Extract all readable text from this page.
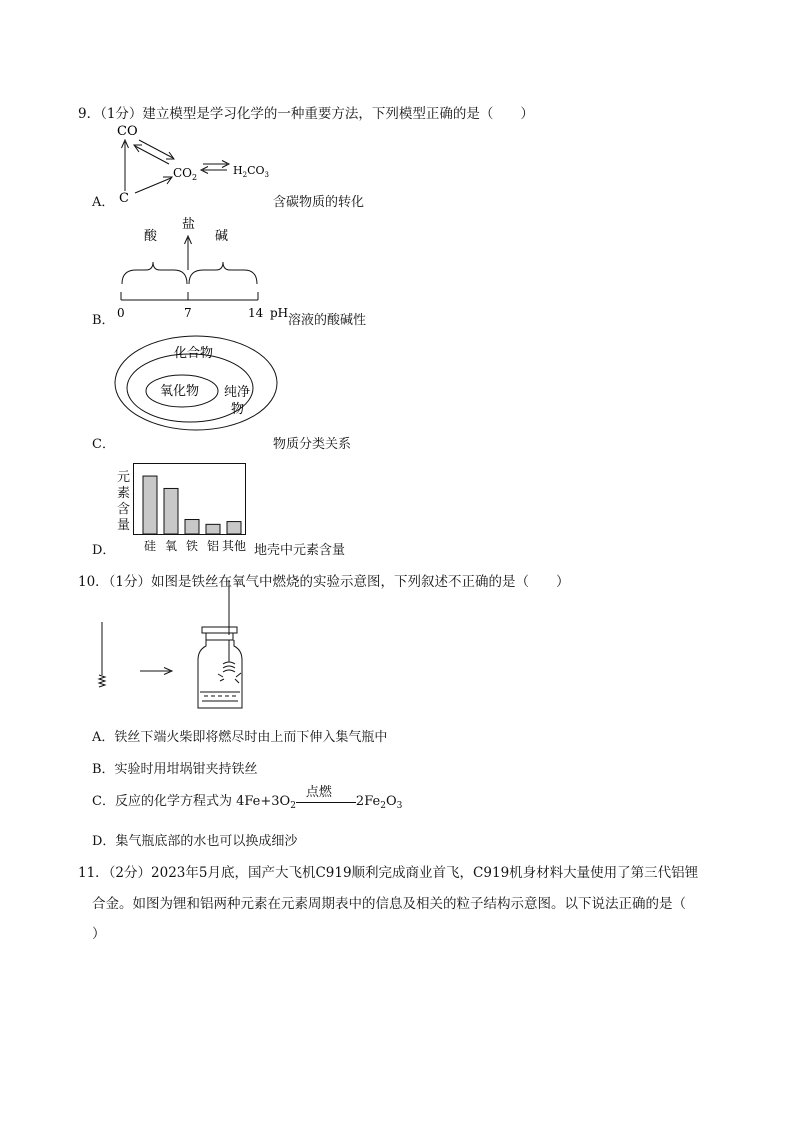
9．（1分）建立模型是学习化学的一种重要方法，下列模型正确的是（　　）
A．
CO
C
$CO_2$
$H_2CO_3$
含碳物质的转化
B．
酸
盐
碱
0	7	14 pH 溶液的酸碱性
C．
化合物
氧化物 纯净
物
物质分类关系
D．
元
素
含
量
硅 氧 铁 铝 其他 地壳中元素含量
10．（1分）如图是铁丝在氧气中燃烧的实验示意图，下列叙述不正确的是（　　）
A．铁丝下端火柴即将燃尽时由上而下伸入集气瓶中
B．实验时用坩埚钳夹持铁丝
C．反应的化学方程式为 $4Fe+3O_2$
点燃
$2Fe_2O_3$
D．集气瓶底部的水也可以换成细沙
11．（2分）2023年5月底，国产大飞机C919顺利完成商业首飞，C919机身材料大量使用了第三代铝锂
合金。如图为锂和铝两种元素在元素周期表中的信息及相关的粒子结构示意图。以下说法正确的是（
）
